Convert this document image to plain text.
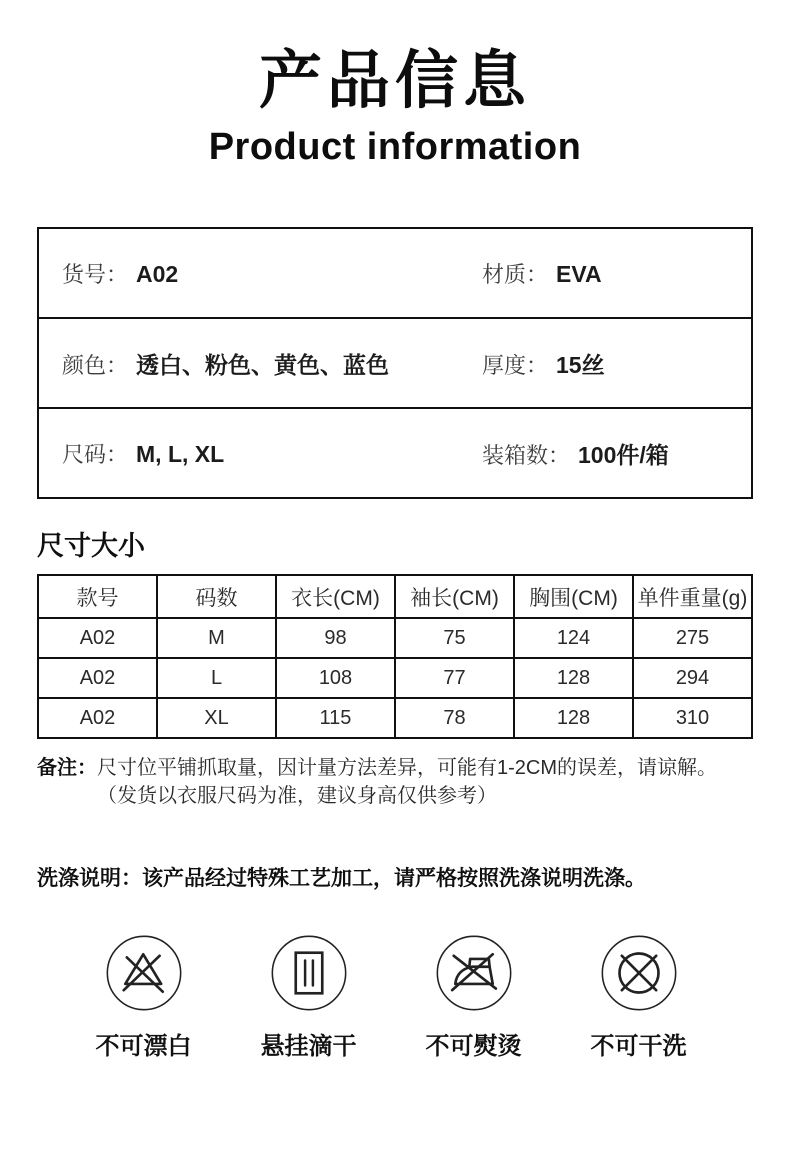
产品信息
Product information
货号： A02	材质： EVA
颜色： 透白、粉色、黄色、蓝色	厚度： 15丝
尺码： M, L, XL	装箱数： 100件/箱
尺寸大小
款号	码数	衣长(CM)	袖长(CM)	胸围(CM)	单件重量(g)
A02	M	98	75	124	275
A02	L	108	77	128	294
A02	XL	115	78	128	310
备注： 尺寸位平铺抓取量，因计量方法差异，可能有1-2CM的误差，请谅解。
（发货以衣服尺码为准，建议身高仅供参考）
洗涤说明： 该产品经过特殊工艺加工，请严格按照洗涤说明洗涤。
不可漂白	悬挂滴干	不可熨烫	不可干洗
